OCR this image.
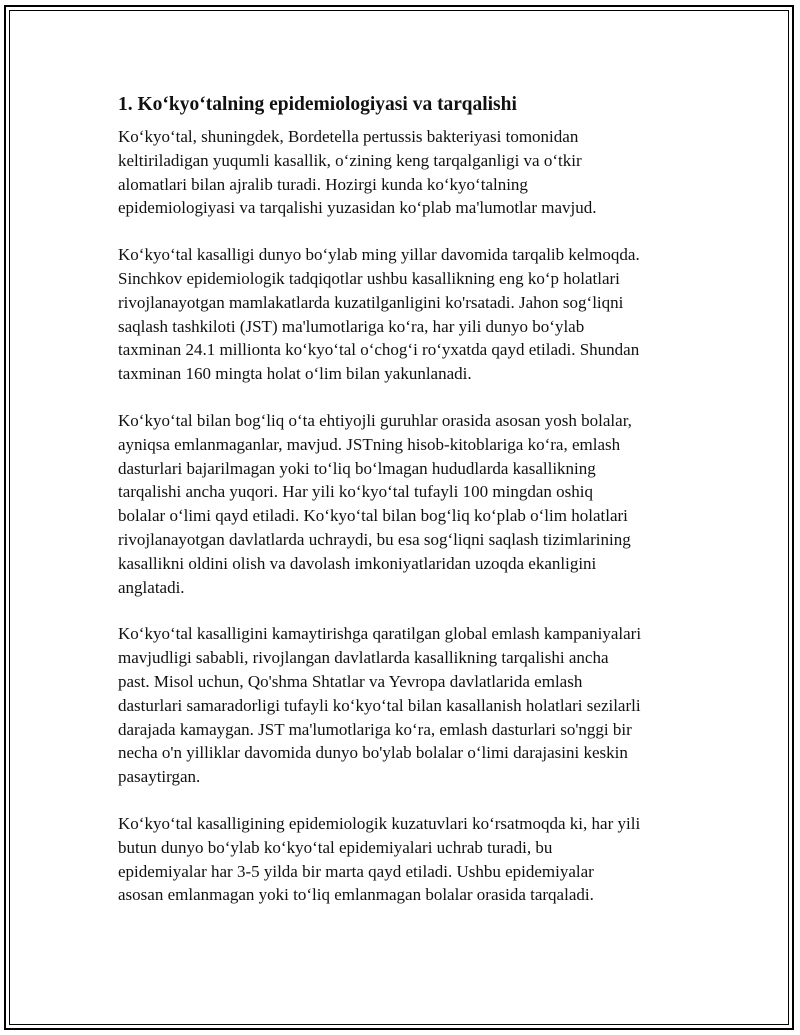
1. Ko‘kyo‘talning epidemiologiyasi va tarqalishi

Ko‘kyo‘tal, shuningdek, Bordetella pertussis bakteriyasi tomonidan
keltiriladigan yuqumli kasallik, o‘zining keng tarqalganligi va o‘tkir
alomatlari bilan ajralib turadi. Hozirgi kunda ko‘kyo‘talning
epidemiologiyasi va tarqalishi yuzasidan ko‘plab ma'lumotlar mavjud.

Ko‘kyo‘tal kasalligi dunyo bo‘ylab ming yillar davomida tarqalib kelmoqda.
Sinchkov epidemiologik tadqiqotlar ushbu kasallikning eng ko‘p holatlari
rivojlanayotgan mamlakatlarda kuzatilganligini ko'rsatadi. Jahon sog‘liqni
saqlash tashkiloti (JST) ma'lumotlariga ko‘ra, har yili dunyo bo‘ylab
taxminan 24.1 millionta ko‘kyo‘tal o‘chog‘i ro‘yxatda qayd etiladi. Shundan
taxminan 160 mingta holat o‘lim bilan yakunlanadi.

Ko‘kyo‘tal bilan bog‘liq o‘ta ehtiyojli guruhlar orasida asosan yosh bolalar,
ayniqsa emlanmaganlar, mavjud. JSTning hisob-kitoblariga ko‘ra, emlash
dasturlari bajarilmagan yoki to‘liq bo‘lmagan hududlarda kasallikning
tarqalishi ancha yuqori. Har yili ko‘kyo‘tal tufayli 100 mingdan oshiq
bolalar o‘limi qayd etiladi. Ko‘kyo‘tal bilan bog‘liq ko‘plab o‘lim holatlari
rivojlanayotgan davlatlarda uchraydi, bu esa sog‘liqni saqlash tizimlarining
kasallikni oldini olish va davolash imkoniyatlaridan uzoqda ekanligini
anglatadi.

Ko‘kyo‘tal kasalligini kamaytirishga qaratilgan global emlash kampaniyalari
mavjudligi sababli, rivojlangan davlatlarda kasallikning tarqalishi ancha
past. Misol uchun, Qo'shma Shtatlar va Yevropa davlatlarida emlash
dasturlari samaradorligi tufayli ko‘kyo‘tal bilan kasallanish holatlari sezilarli
darajada kamaygan. JST ma'lumotlariga ko‘ra, emlash dasturlari so'nggi bir
necha o'n yilliklar davomida dunyo bo'ylab bolalar o‘limi darajasini keskin
pasaytirgan.

Ko‘kyo‘tal kasalligining epidemiologik kuzatuvlari ko‘rsatmoqda ki, har yili
butun dunyo bo‘ylab ko‘kyo‘tal epidemiyalari uchrab turadi, bu
epidemiyalar har 3-5 yilda bir marta qayd etiladi. Ushbu epidemiyalar
asosan emlanmagan yoki to‘liq emlanmagan bolalar orasida tarqaladi.
